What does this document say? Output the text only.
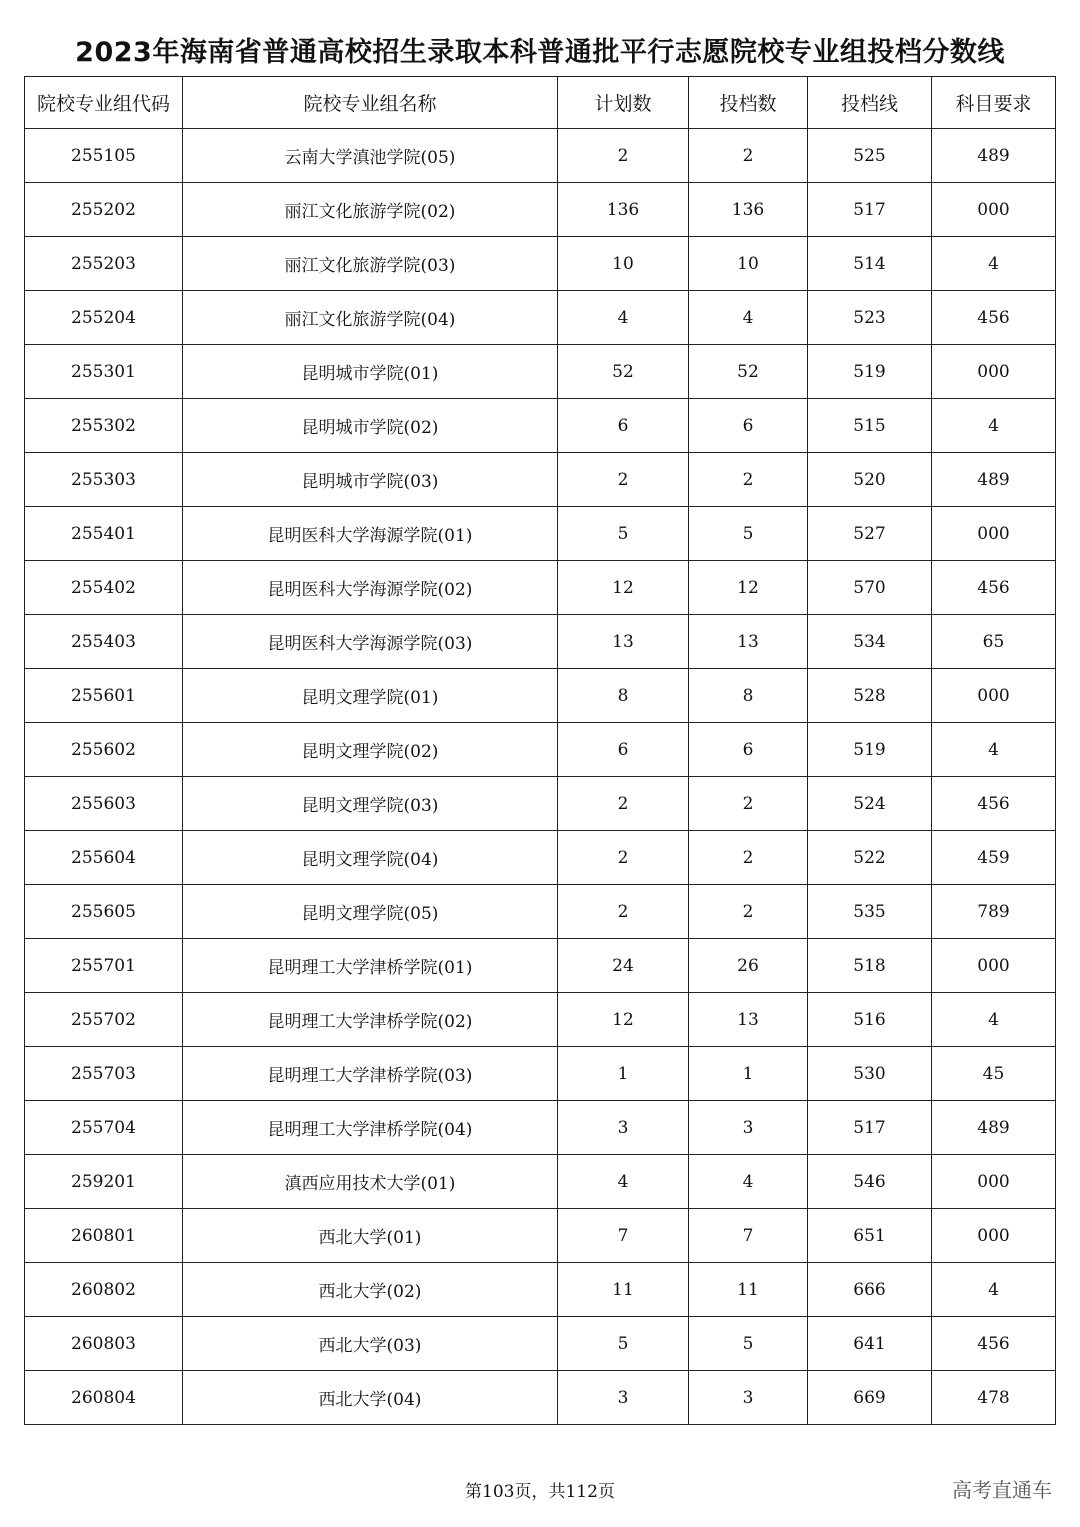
2023年海南省普通高校招生录取本科普通批平行志愿院校专业组投档分数线
院校专业组代码	院校专业组名称	计划数	投档数	投档线	科目要求
255105	云南大学滇池学院(05)	2	2	525	489
255202	丽江文化旅游学院(02)	136	136	517	000
255203	丽江文化旅游学院(03)	10	10	514	4
255204	丽江文化旅游学院(04)	4	4	523	456
255301	昆明城市学院(01)	52	52	519	000
255302	昆明城市学院(02)	6	6	515	4
255303	昆明城市学院(03)	2	2	520	489
255401	昆明医科大学海源学院(01)	5	5	527	000
255402	昆明医科大学海源学院(02)	12	12	570	456
255403	昆明医科大学海源学院(03)	13	13	534	65
255601	昆明文理学院(01)	8	8	528	000
255602	昆明文理学院(02)	6	6	519	4
255603	昆明文理学院(03)	2	2	524	456
255604	昆明文理学院(04)	2	2	522	459
255605	昆明文理学院(05)	2	2	535	789
255701	昆明理工大学津桥学院(01)	24	26	518	000
255702	昆明理工大学津桥学院(02)	12	13	516	4
255703	昆明理工大学津桥学院(03)	1	1	530	45
255704	昆明理工大学津桥学院(04)	3	3	517	489
259201	滇西应用技术大学(01)	4	4	546	000
260801	西北大学(01)	7	7	651	000
260802	西北大学(02)	11	11	666	4
260803	西北大学(03)	5	5	641	456
260804	西北大学(04)	3	3	669	478
第103页，共112页	高考直通车
